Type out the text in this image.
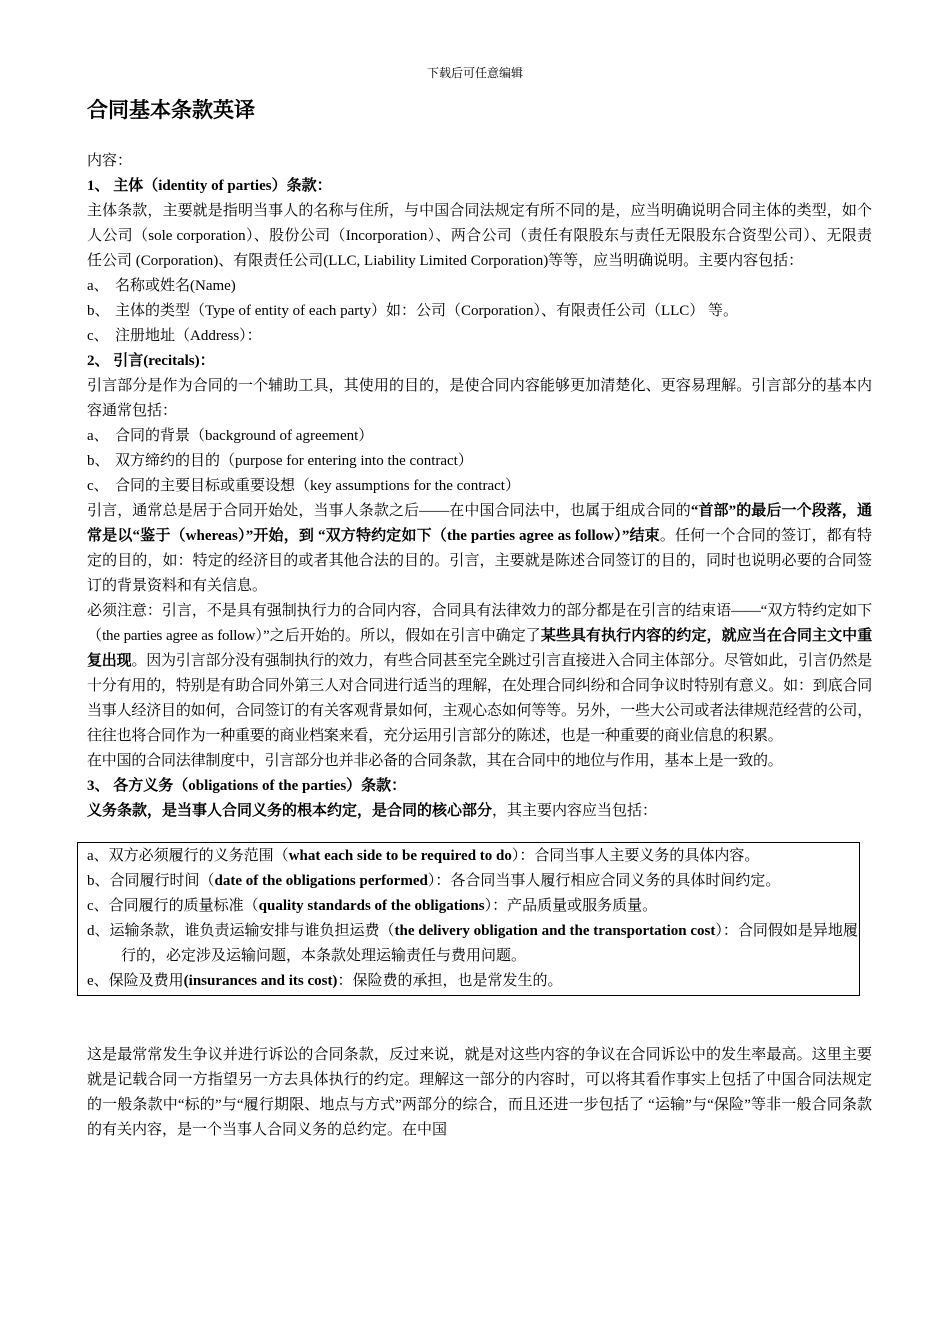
下载后可任意编辑
合同基本条款英译

内容：

1、 主体（identity of parties）条款：

主体条款，主要就是指明当事人的名称与住所，与中国合同法规定有所不同的是，应当明确说明合同主体的类型，如个人公司（sole corporation）、股份公司（Incorporation）、两合公司（责任有限股东与责任无限股东合资型公司）、无限责任公司 (Corporation)、有限责任公司(LLC, Liability Limited Corporation)等等，应当明确说明。主要内容包括：

a、 名称或姓名(Name)

b、 主体的类型（Type of entity of each party）如：公司（Corporation）、有限责任公司（LLC） 等。

c、 注册地址（Address）：

2、 引言(recitals)：

引言部分是作为合同的一个辅助工具，其使用的目的，是使合同内容能够更加清楚化、更容易理解。引言部分的基本内容通常包括：

a、 合同的背景（background of agreement）

b、 双方缔约的目的（purpose for entering into the contract）

c、 合同的主要目标或重要设想（key assumptions for the contract）

引言，通常总是居于合同开始处，当事人条款之后——在中国合同法中，也属于组成合同的“首部”的最后一个段落，通常是以“鉴于（whereas）”开始，到 “双方特约定如下（the parties agree as follow）”结束。任何一个合同的签订，都有特定的目的，如：特定的经济目的或者其他合法的目的。引言，主要就是陈述合同签订的目的，同时也说明必要的合同签订的背景资料和有关信息。

必须注意：引言，不是具有强制执行力的合同内容，合同具有法律效力的部分都是在引言的结束语——“双方特约定如下（the parties agree as follow）”之后开始的。所以，假如在引言中确定了某些具有执行内容的约定，就应当在合同主文中重复出现。因为引言部分没有强制执行的效力，有些合同甚至完全跳过引言直接进入合同主体部分。尽管如此，引言仍然是十分有用的，特别是有助合同外第三人对合同进行适当的理解，在处理合同纠纷和合同争议时特别有意义。如：到底合同当事人经济目的如何，合同签订的有关客观背景如何，主观心态如何等等。另外，一些大公司或者法律规范经营的公司，往往也将合同作为一种重要的商业档案来看，充分运用引言部分的陈述，也是一种重要的商业信息的积累。

在中国的合同法律制度中，引言部分也并非必备的合同条款，其在合同中的地位与作用，基本上是一致的。

3、 各方义务（obligations of the parties）条款：

义务条款，是当事人合同义务的根本约定，是合同的核心部分，其主要内容应当包括：

a、双方必须履行的义务范围（what each side to be required to do）：合同当事人主要义务的具体内容。

b、合同履行时间（date of the obligations performed）：各合同当事人履行相应合同义务的具体时间约定。

c、合同履行的质量标准（quality standards of the obligations）：产品质量或服务质量。

d、运输条款，谁负责运输安排与谁负担运费（the delivery obligation and the transportation cost）：合同假如是异地履行的，必定涉及运输问题，本条款处理运输责任与费用问题。

e、保险及费用(insurances and its cost)：保险费的承担，也是常发生的。

这是最常常发生争议并进行诉讼的合同条款，反过来说，就是对这些内容的争议在合同诉讼中的发生率最高。这里主要就是记载合同一方指望另一方去具体执行的约定。理解这一部分的内容时，可以将其看作事实上包括了中国合同法规定的一般条款中“标的”与“履行期限、地点与方式”两部分的综合，而且还进一步包括了 “运输”与“保险”等非一般合同条款的有关内容，是一个当事人合同义务的总约定。在中国
